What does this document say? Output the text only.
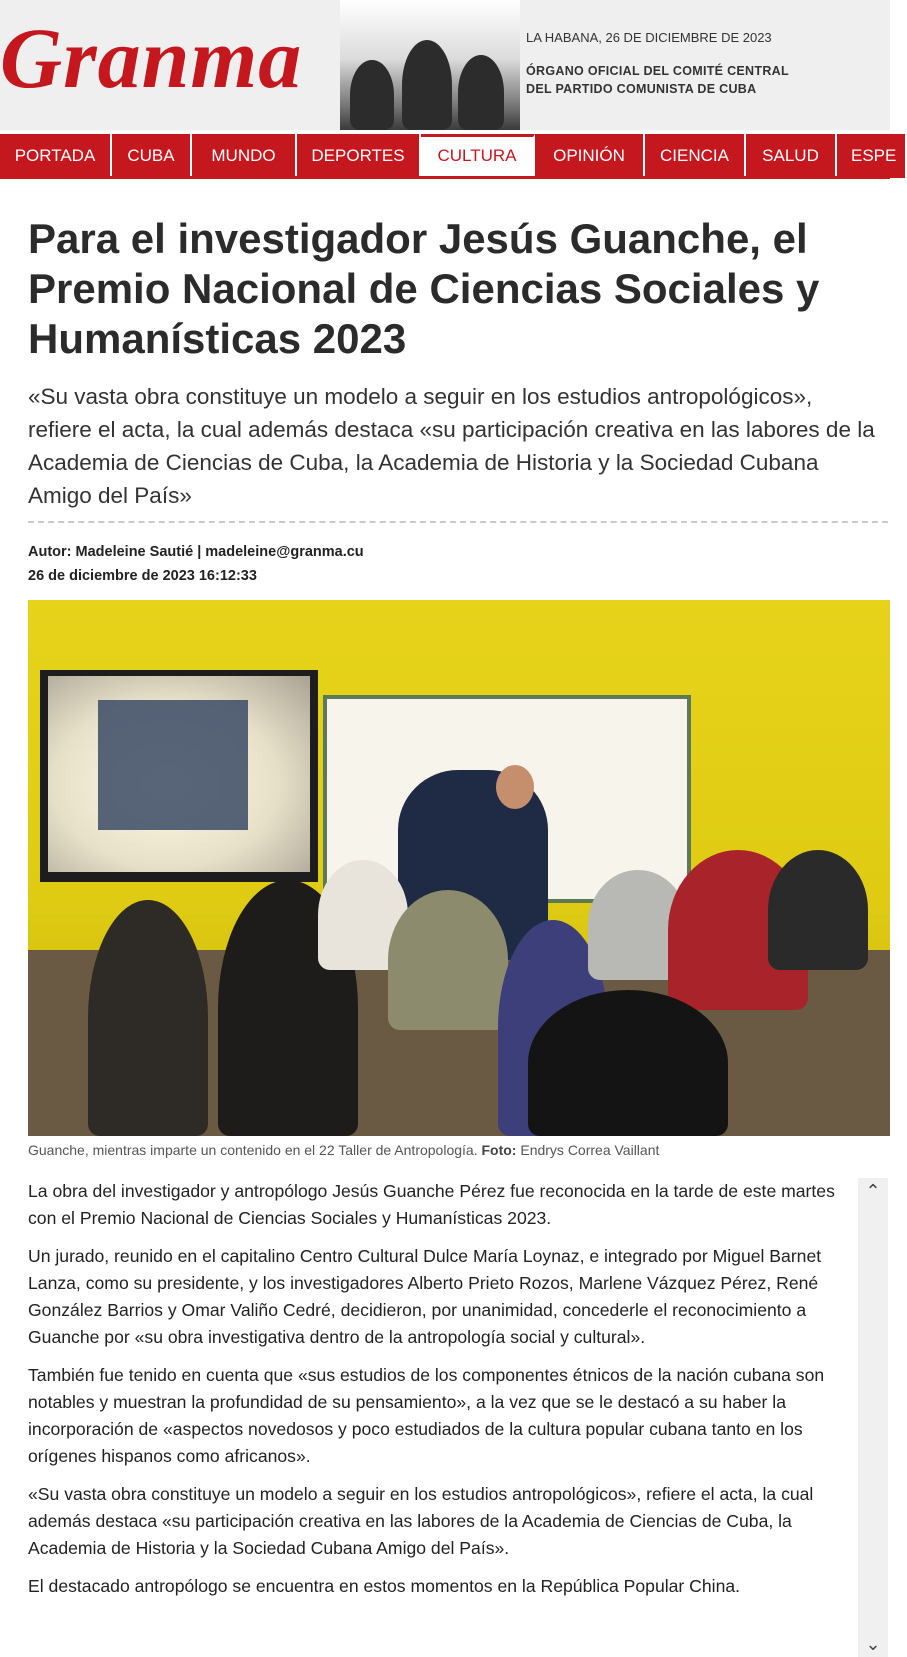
Granma	LA HABANA, 26 DE DICIEMBRE DE 2023
ÓRGANO OFICIAL DEL COMITÉ CENTRAL
DEL PARTIDO COMUNISTA DE CUBA
PORTADA	CUBA	MUNDO	DEPORTES	CULTURA	OPINIÓN	CIENCIA	SALUD	ESPE
Para el investigador Jesús Guanche, el Premio Nacional de Ciencias Sociales y Humanísticas 2023

«Su vasta obra constituye un modelo a seguir en los estudios antropológicos», refiere el acta, la cual además destaca «su participación creativa en las labores de la Academia de Ciencias de Cuba, la Academia de Historia y la Sociedad Cubana Amigo del País»

Autor: Madeleine Sautié | madeleine@granma.cu
26 de diciembre de 2023 16:12:33
Guanche, mientras imparte un contenido en el 22 Taller de Antropología. Foto: Endrys Correa Vaillant

La obra del investigador y antropólogo Jesús Guanche Pérez fue reconocida en la tarde de este martes con el Premio Nacional de Ciencias Sociales y Humanísticas 2023.

Un jurado, reunido en el capitalino Centro Cultural Dulce María Loynaz, e integrado por Miguel Barnet Lanza, como su presidente, y los investigadores Alberto Prieto Rozos, Marlene Vázquez Pérez, René González Barrios y Omar Valiño Cedré, decidieron, por unanimidad, concederle el reconocimiento a Guanche por «su obra investigativa dentro de la antropología social y cultural».

También fue tenido en cuenta que «sus estudios de los componentes étnicos de la nación cubana son notables y muestran la profundidad de su pensamiento», a la vez que se le destacó a su haber la incorporación de «aspectos novedosos y poco estudiados de la cultura popular cubana tanto en los orígenes hispanos como africanos».

«Su vasta obra constituye un modelo a seguir en los estudios antropológicos», refiere el acta, la cual además destaca «su participación creativa en las labores de la Academia de Ciencias de Cuba, la Academia de Historia y la Sociedad Cubana Amigo del País».

El destacado antropólogo se encuentra en estos momentos en la República Popular China.

⌃
⌄
